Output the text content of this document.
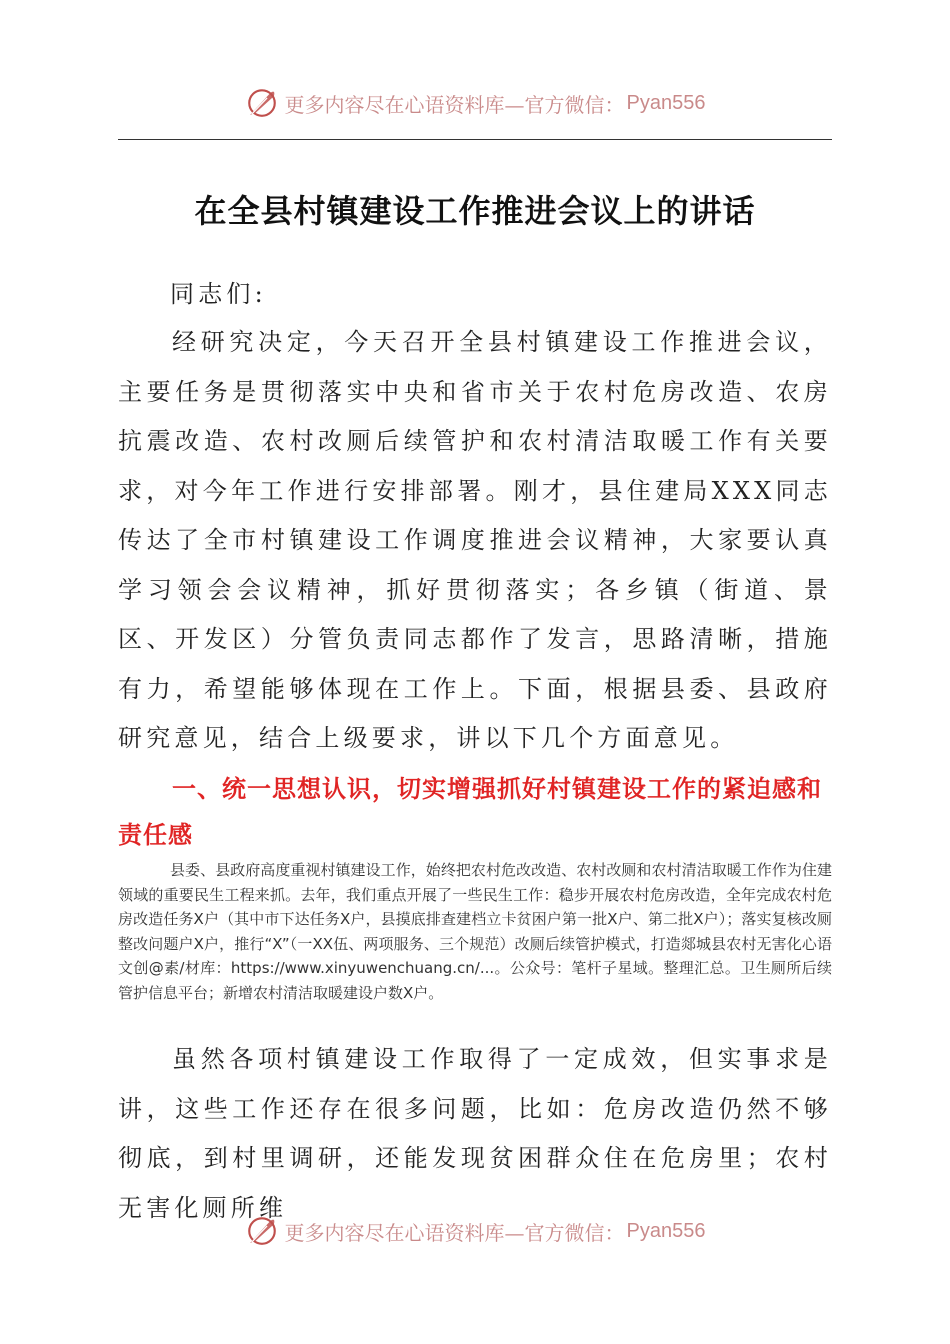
更多内容尽在心语资料库—官方微信： Pyan556
在全县村镇建设工作推进会议上的讲话
同志们:
经研究决定，今天召开全县村镇建设工作推进会议，主要任务是贯彻落实中央和省市关于农村危房改造、农房抗震改造、农村改厕后续管护和农村清洁取暖工作有关要求，对今年工作进行安排部署。刚才，县住建局XXX同志传达了全市村镇建设工作调度推进会议精神，大家要认真学习领会会议精神，抓好贯彻落实；各乡镇（街道、景区、开发区）分管负责同志都作了发言，思路清晰，措施有力，希望能够体现在工作上。下面，根据县委、县政府研究意见，结合上级要求，讲以下几个方面意见。
一、统一思想认识，切实增强抓好村镇建设工作的紧迫感和责任感
县委、县政府高度重视村镇建设工作，始终把农村危改改造、农村改厕和农村清洁取暖工作作为住建领域的重要民生工程来抓。去年，我们重点开展了一些民生工作：稳步开展农村危房改造，全年完成农村危房改造任务X户（其中市下达任务X户，县摸底排查建档立卡贫困户第一批X户、第二批X户）；落实复核改厕整改问题户X户，推行“X”（一XX伍、两项服务、三个规范）改厕后续管护模式，打造郯城县农村无害化心语文创@素/材库：https://www.xinyuwenchuang.cn/...。公众号：笔杆子星域。整理汇总。卫生厕所后续管护信息平台；新增农村清洁取暖建设户数X户。
虽然各项村镇建设工作取得了一定成效，但实事求是讲，这些工作还存在很多问题，比如：危房改造仍然不够彻底，到村里调研，还能发现贫困群众住在危房里；农村无害化厕所维
更多内容尽在心语资料库—官方微信： Pyan556
